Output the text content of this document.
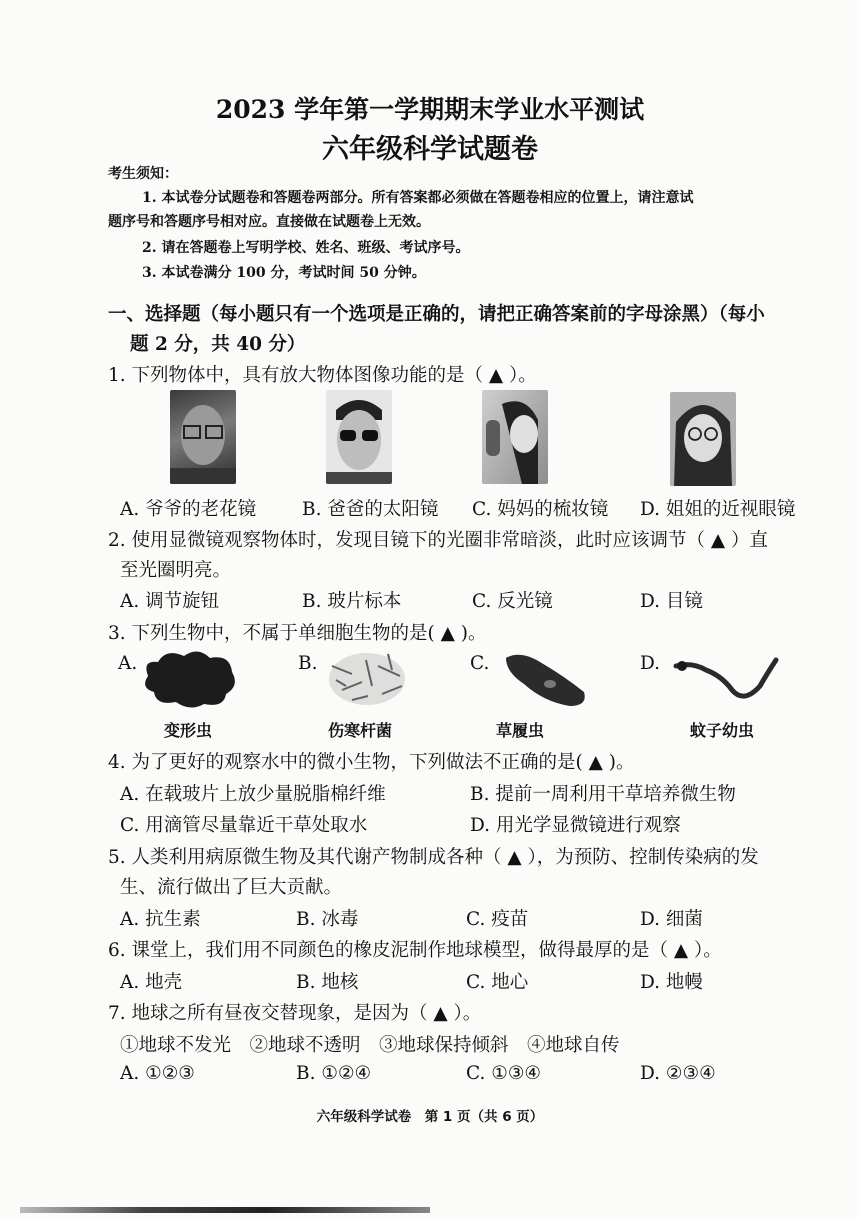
2023 学年第一学期期末学业水平测试
六年级科学试题卷
考生须知：
1. 本试卷分试题卷和答题卷两部分。所有答案都必须做在答题卷相应的位置上，请注意试
题序号和答题序号相对应。直接做在试题卷上无效。
2. 请在答题卷上写明学校、姓名、班级、考试序号。
3. 本试卷满分 100 分，考试时间 50 分钟。
一、选择题（每小题只有一个选项是正确的，请把正确答案前的字母涂黑）（每小
题 2 分，共 40 分）
1. 下列物体中，具有放大物体图像功能的是（ ▲ ）。
A. 爷爷的老花镜 B. 爸爸的太阳镜 C. 妈妈的梳妆镜 D. 姐姐的近视眼镜
2. 使用显微镜观察物体时，发现目镜下的光圈非常暗淡，此时应该调节（ ▲ ）直
至光圈明亮。
A. 调节旋钮	B. 玻片标本	C. 反光镜	D. 目镜
3. 下列生物中，不属于单细胞生物的是( ▲ )。
A.	B.	C.	D.
变形虫	伤寒杆菌	草履虫	蚊子幼虫
4. 为了更好的观察水中的微小生物，下列做法不正确的是( ▲ )。
A. 在载玻片上放少量脱脂棉纤维	B. 提前一周利用干草培养微生物
C. 用滴管尽量靠近干草处取水	D. 用光学显微镜进行观察
5. 人类利用病原微生物及其代谢产物制成各种（ ▲ ），为预防、控制传染病的发
生、流行做出了巨大贡献。
A. 抗生素	B. 冰毒	C. 疫苗	D. 细菌
6. 课堂上，我们用不同颜色的橡皮泥制作地球模型，做得最厚的是（ ▲ ）。
A. 地壳	B. 地核	C. 地心	D. 地幔
7. 地球之所有昼夜交替现象，是因为（ ▲ ）。
①地球不发光　②地球不透明　③地球保持倾斜　④地球自传
A. ①②③	B. ①②④	C. ①③④	D. ②③④
六年级科学试卷　第 1 页（共 6 页）
